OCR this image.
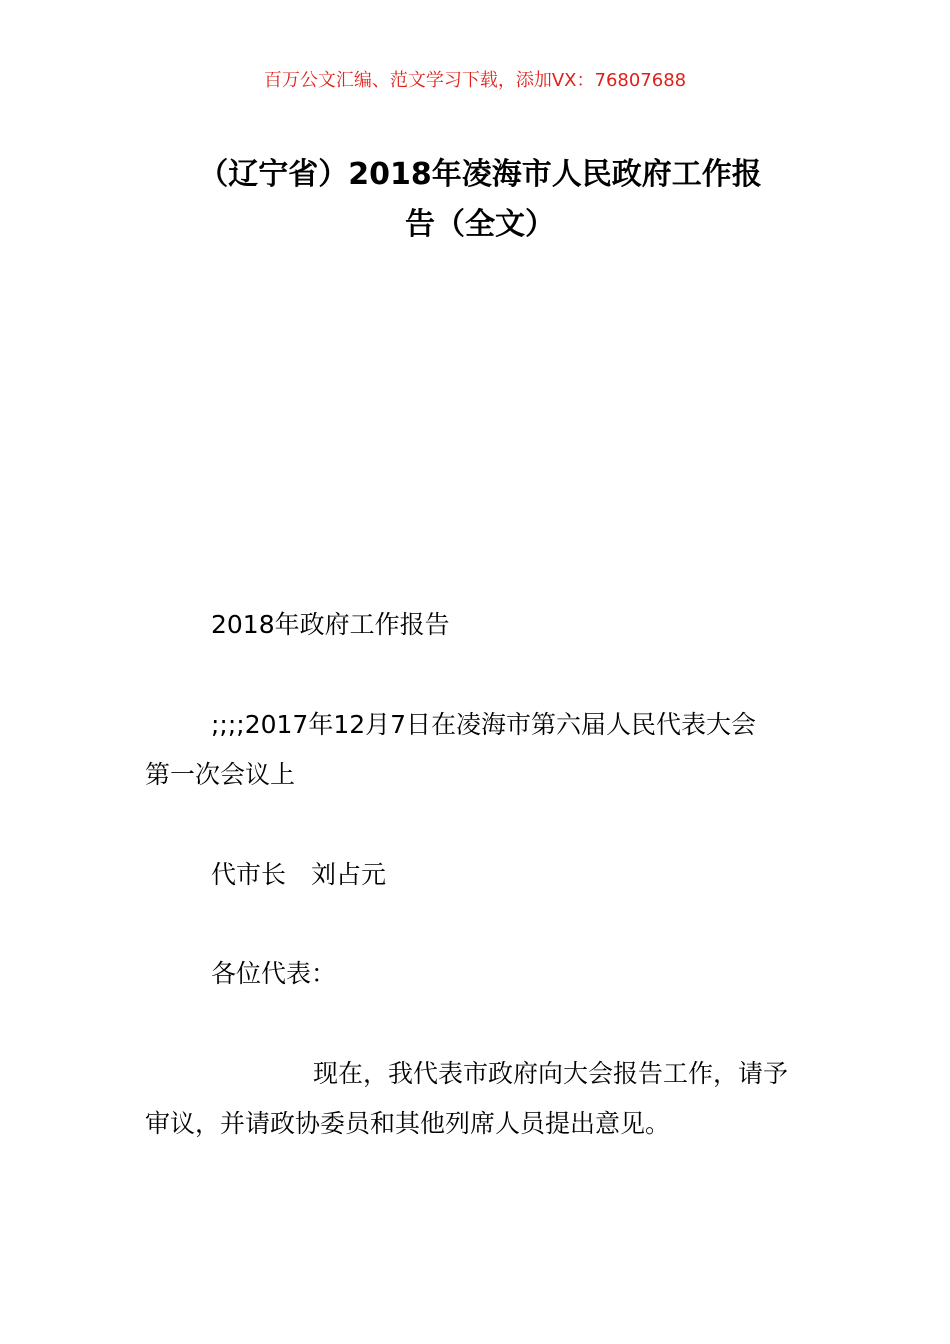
百万公文汇编、范文学习下载，添加VX：76807688
（辽宁省）2018年凌海市人民政府工作报
告（全文）
2018年政府工作报告
;;;;2017年12月7日在凌海市第六届人民代表大会
第一次会议上
代市长　刘占元
各位代表：
现在，我代表市政府向大会报告工作，请予
审议，并请政协委员和其他列席人员提出意见。
